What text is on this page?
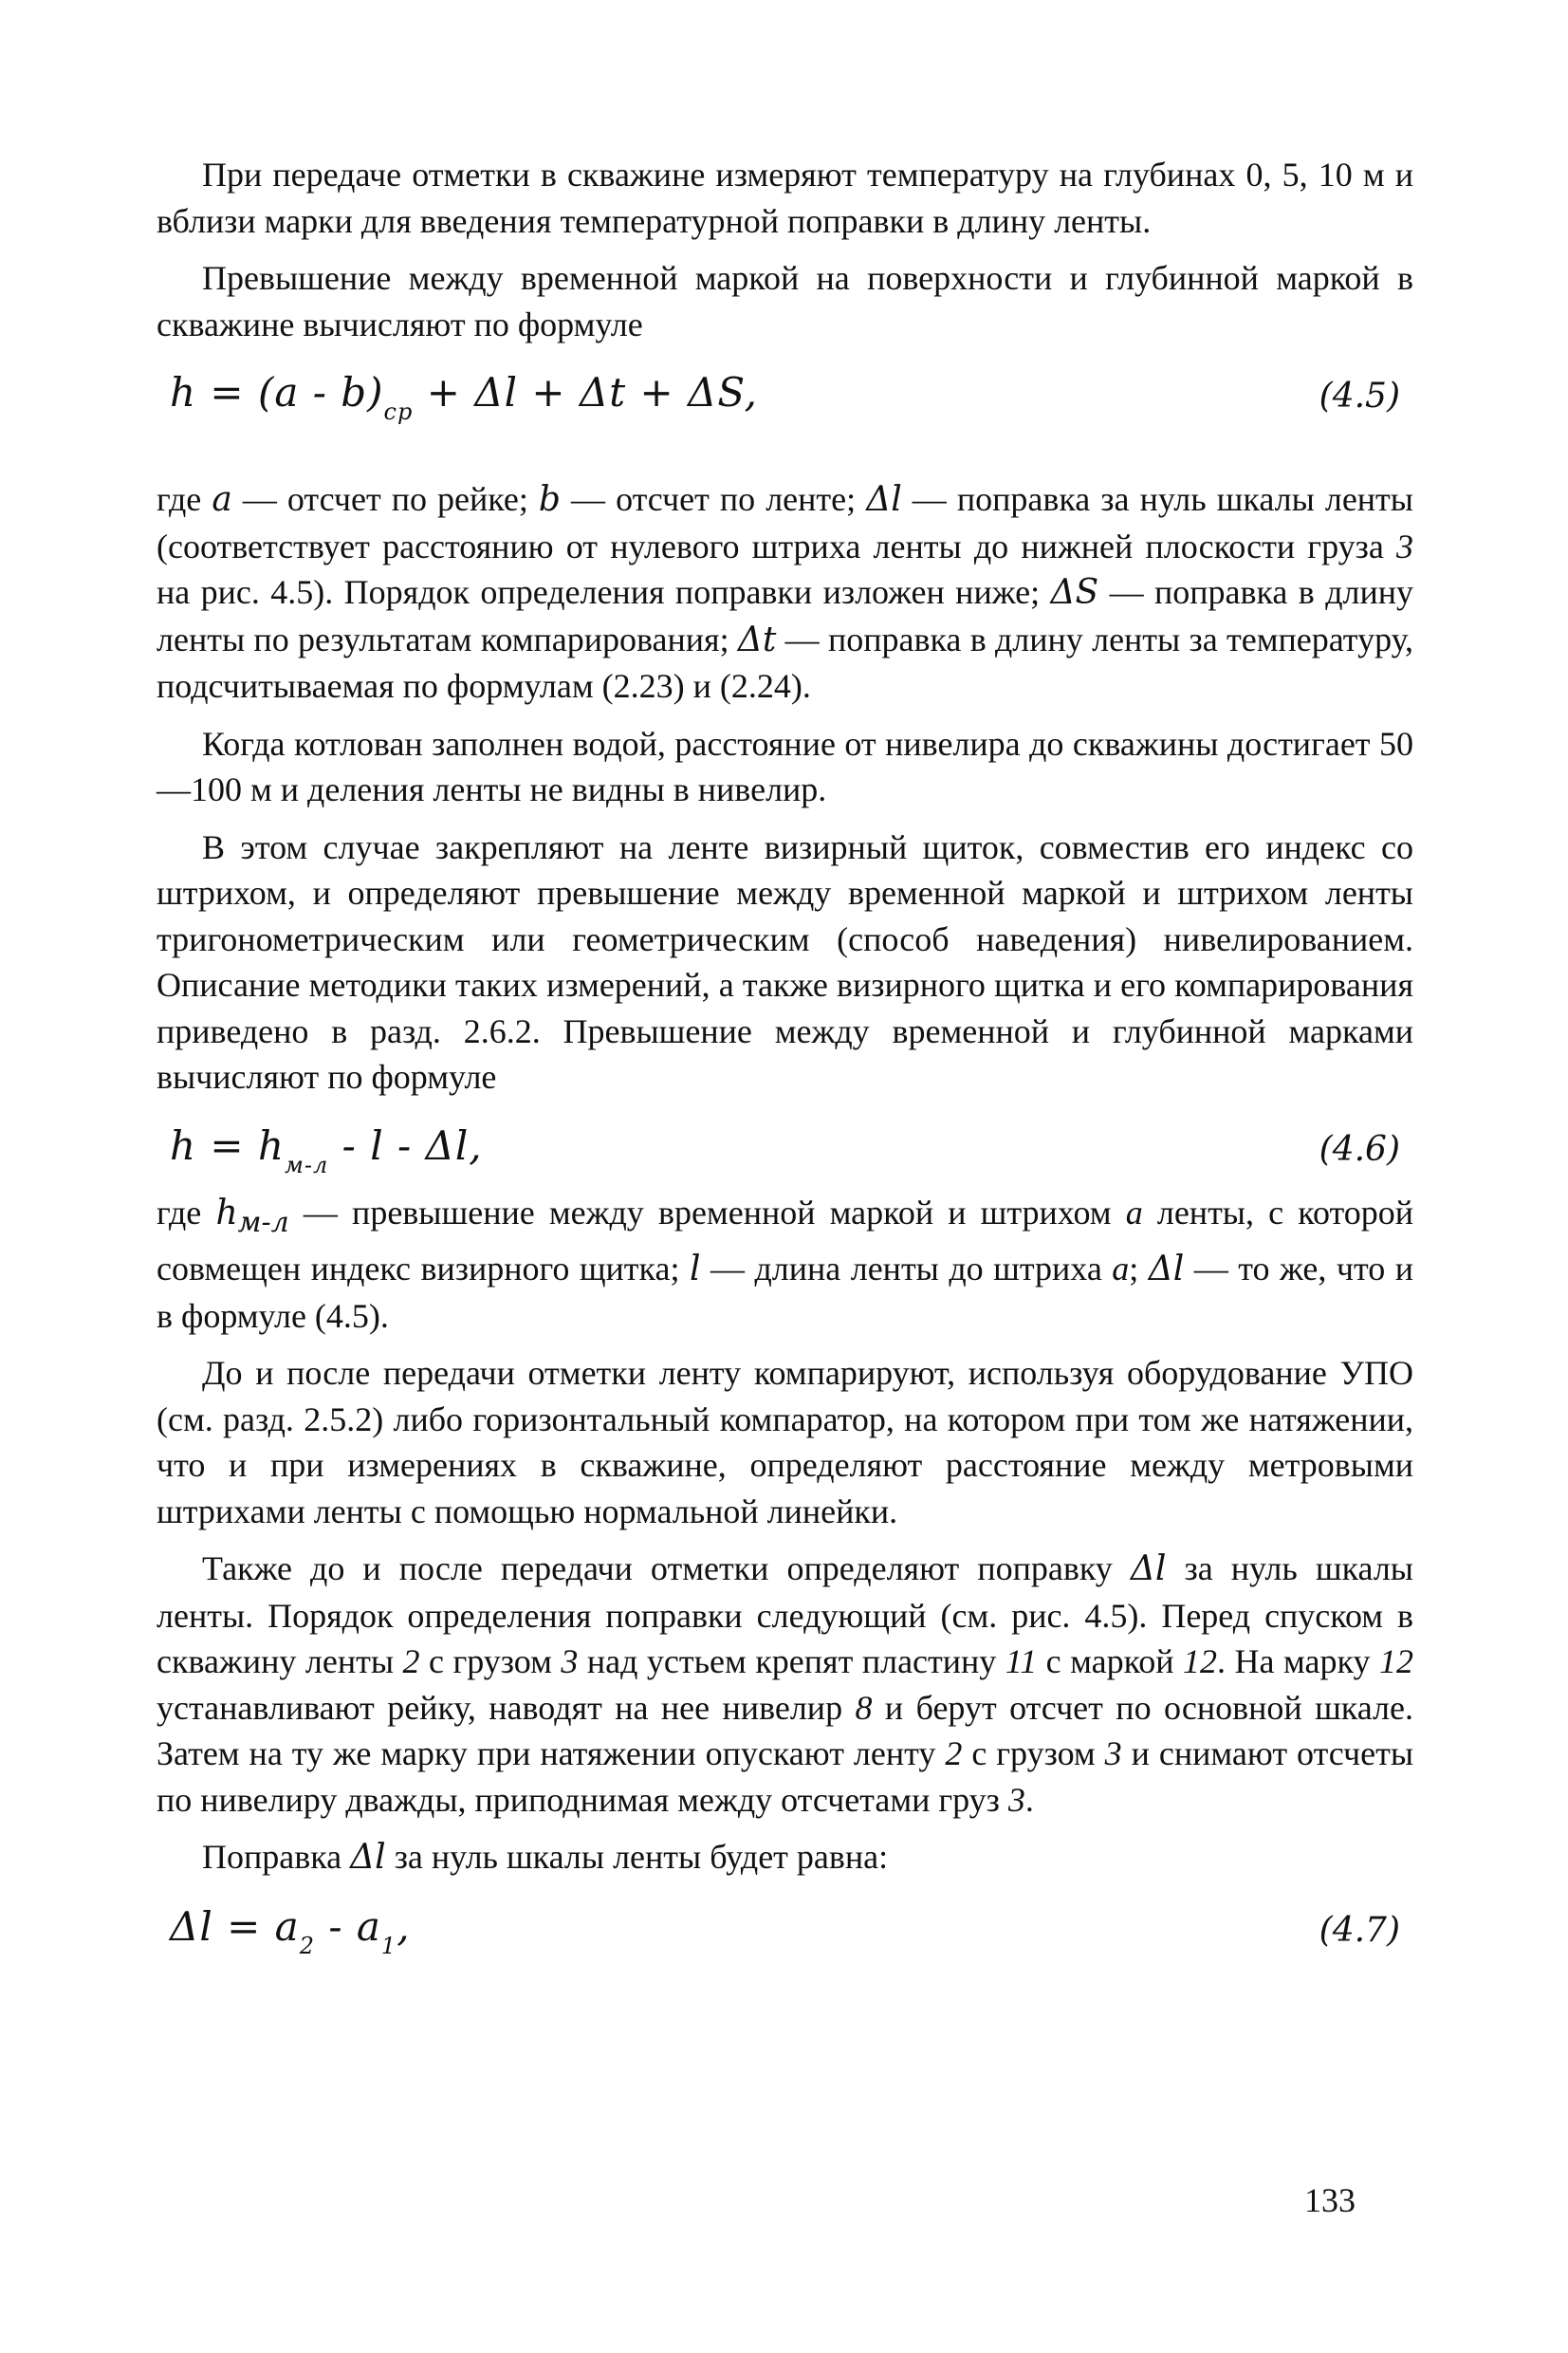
При передаче отметки в скважине измеряют температуру на глубинах 0, 5, 10 м и вблизи марки для введения температурной поправки в длину ленты.

Превышение между временной маркой на поверхности и глубинной маркой в скважине вычисляют по формуле

$h = (a - b)_{ср} + \Delta l + \Delta t + \Delta S$,	(4.5)

где a — отсчет по рейке; b — отсчет по ленте; Δl — поправка за нуль шкалы ленты (соответствует расстоянию от нулевого штриха ленты до нижней плоскости груза 3 на рис. 4.5). Порядок определения поправки изложен ниже; ΔS — поправка в длину ленты по результатам компарирования; Δt — поправка в длину ленты за температуру, подсчитываемая по формулам (2.23) и (2.24).

Когда котлован заполнен водой, расстояние от нивелира до скважины достигает 50—100 м и деления ленты не видны в нивелир.

В этом случае закрепляют на ленте визирный щиток, совместив его индекс со штрихом, и определяют превышение между временной маркой и штрихом ленты тригонометрическим или геометрическим (способ наведения) нивелированием. Описание методики таких измерений, а также визирного щитка и его компарирования приведено в разд. 2.6.2. Превышение между временной и глубинной марками вычисляют по формуле

$h = h_{м-л} - l - \Delta l$,	(4.6)

где $h_{м-л}$ — превышение между временной маркой и штрихом a ленты, с которой совмещен индекс визирного щитка; l — длина ленты до штриха a; Δl — то же, что и в формуле (4.5).

До и после передачи отметки ленту компарируют, используя оборудование УПО (см. разд. 2.5.2) либо горизонтальный компаратор, на котором при том же натяжении, что и при измерениях в скважине, определяют расстояние между метровыми штрихами ленты с помощью нормальной линейки.

Также до и после передачи отметки определяют поправку Δl за нуль шкалы ленты. Порядок определения поправки следующий (см. рис. 4.5). Перед спуском в скважину ленты 2 с грузом 3 над устьем крепят пластину 11 с маркой 12. На марку 12 устанавливают рейку, наводят на нее нивелир 8 и берут отсчет по основной шкале. Затем на ту же марку при натяжении опускают ленту 2 с грузом 3 и снимают отсчеты по нивелиру дважды, приподнимая между отсчетами груз 3.

Поправка Δl за нуль шкалы ленты будет равна:

$\Delta l = a_2 - a_1$,	(4.7)
133
